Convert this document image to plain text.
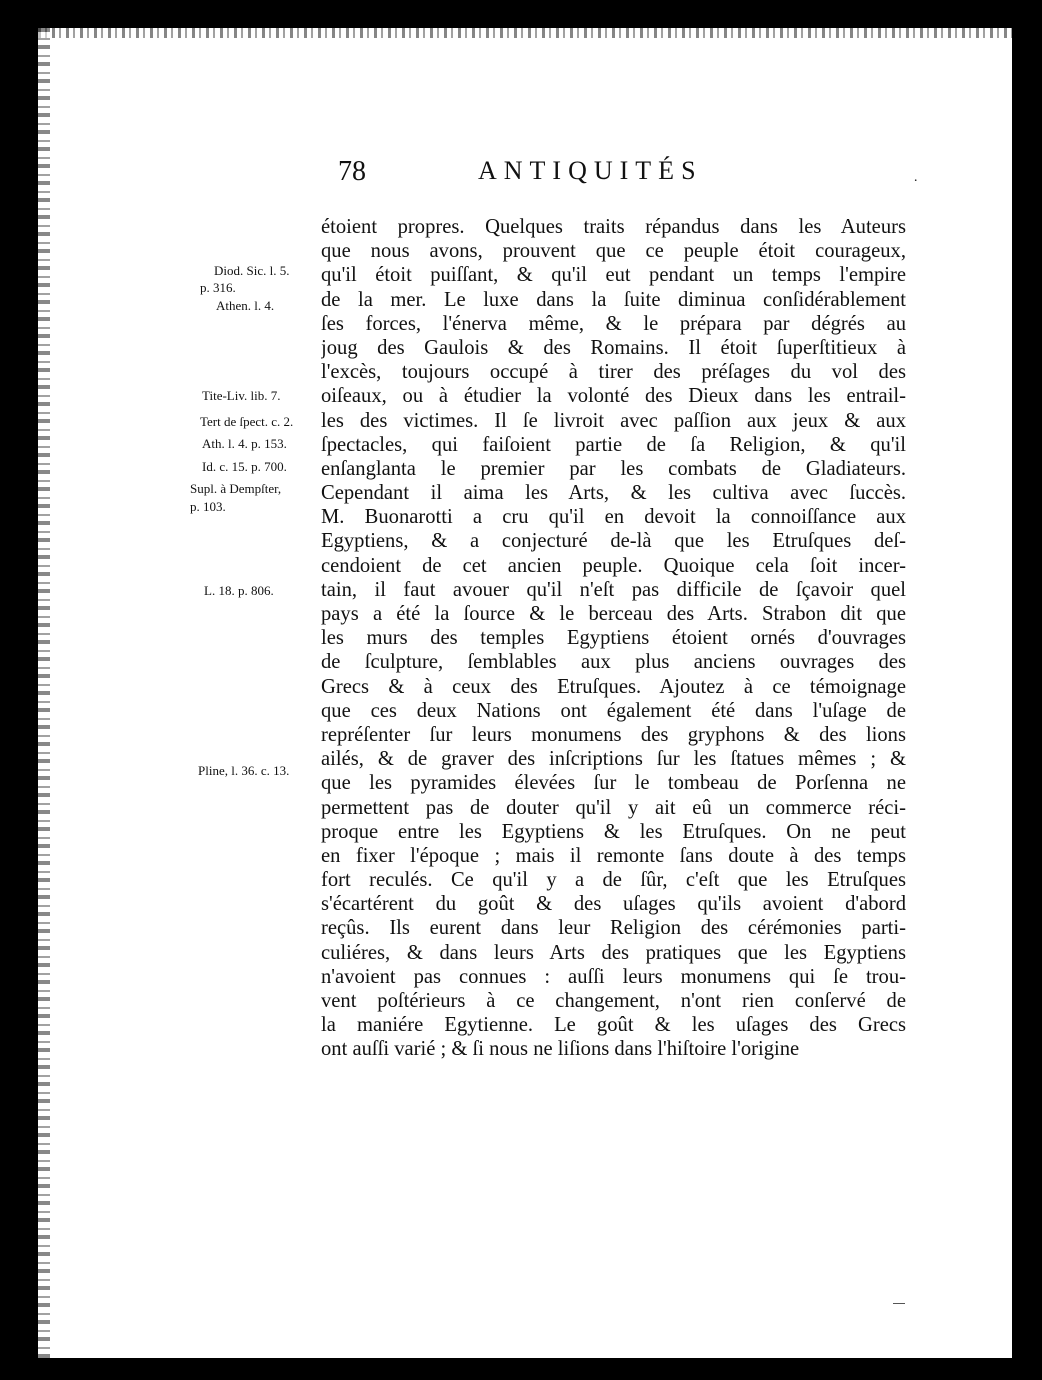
78	ANTIQUITÉS	·
Diod. Sic. l. 5.
p. 316.
Athen. l. 4.
Tite-Liv. lib. 7.
Tert de ſpect. c. 2.
Ath. l. 4. p. 153.
Id. c. 15. p. 700.
Supl. à Dempſter,
p. 103.
L. 18. p. 806.
Pline, l. 36. c. 13.
étoient propres. Quelques traits répandus dans les Auteurs
que nous avons, prouvent que ce peuple étoit courageux,
qu'il étoit puiſſant, & qu'il eut pendant un temps l'empire
de la mer. Le luxe dans la ſuite diminua conſidérablement
ſes forces, l'énerva même, & le prépara par dégrés au
joug des Gaulois & des Romains. Il étoit ſuperſtitieux à
l'excès, toujours occupé à tirer des préſages du vol des
oiſeaux, ou à étudier la volonté des Dieux dans les entrail-
les des victimes. Il ſe livroit avec paſſion aux jeux & aux
ſpectacles, qui faiſoient partie de ſa Religion, & qu'il
enſanglanta le premier par les combats de Gladiateurs.
Cependant il aima les Arts, & les cultiva avec ſuccès.
M. Buonarotti a cru qu'il en devoit la connoiſſance aux
Egyptiens, & a conjecturé de-là que les Etruſques deſ-
cendoient de cet ancien peuple. Quoique cela ſoit incer-
tain, il faut avouer qu'il n'eſt pas difficile de ſçavoir quel
pays a été la ſource & le berceau des Arts. Strabon dit que
les murs des temples Egyptiens étoient ornés d'ouvrages
de ſculpture, ſemblables aux plus anciens ouvrages des
Grecs & à ceux des Etruſques. Ajoutez à ce témoignage
que ces deux Nations ont également été dans l'uſage de
repréſenter ſur leurs monumens des gryphons & des lions
ailés, & de graver des inſcriptions ſur les ſtatues mêmes ; &
que les pyramides élevées ſur le tombeau de Porſenna ne
permettent pas de douter qu'il y ait eû un commerce réci-
proque entre les Egyptiens & les Etruſques. On ne peut
en fixer l'époque ; mais il remonte ſans doute à des temps
fort reculés. Ce qu'il y a de ſûr, c'eſt que les Etruſques
s'écartérent du goût & des uſages qu'ils avoient d'abord
reçûs. Ils eurent dans leur Religion des cérémonies parti-
culiéres, & dans leurs Arts des pratiques que les Egyptiens
n'avoient pas connues : auſſi leurs monumens qui ſe trou-
vent poſtérieurs à ce changement, n'ont rien conſervé de
la maniére Egytienne. Le goût & les uſages des Grecs
ont auſſi varié ; & ſi nous ne liſions dans l'hiſtoire l'origine
